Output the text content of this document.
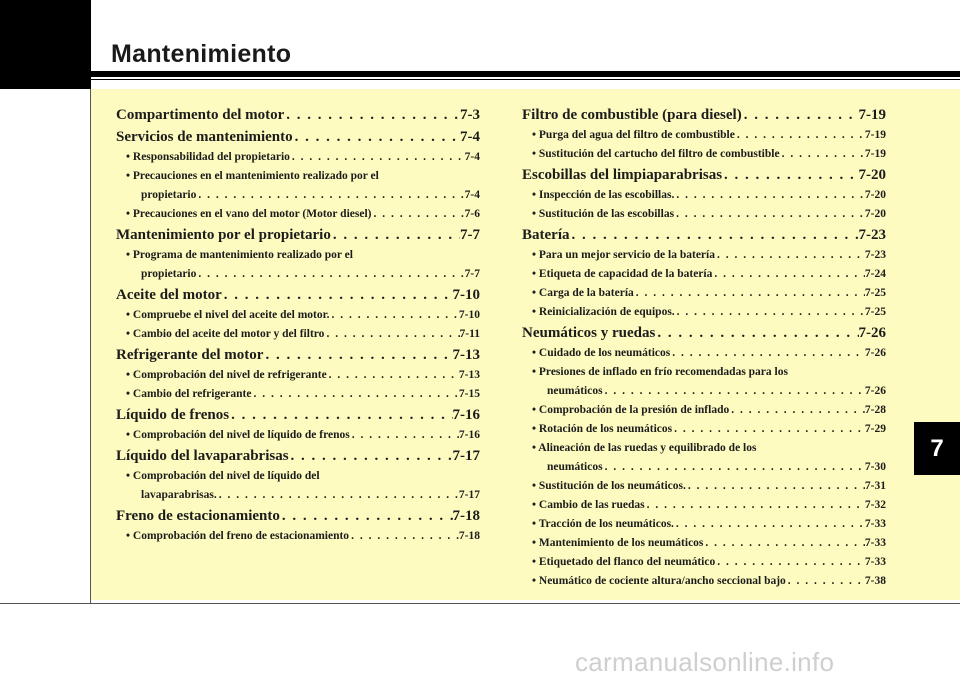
Mantenimiento
Compartimento del motor . . .	7-3
Servicios de mantenimiento . . .	7-4
• Responsabilidad del propietario . . .	7-4
• Precauciones en el mantenimiento realizado por el
propietario . . .	7-4
• Precauciones en el vano del motor (Motor diesel) . . .	7-6
Mantenimiento por el propietario . . .	7-7
• Programa de mantenimiento realizado por el
propietario . . .	7-7
Aceite del motor . . .	7-10
• Compruebe el nivel del aceite del motor. . . .	7-10
• Cambio del aceite del motor y del filtro . . .	7-11
Refrigerante del motor . . .	7-13
• Comprobación del nivel de refrigerante . . .	7-13
• Cambio del refrigerante . . .	7-15
Líquido de frenos . . .	7-16
• Comprobación del nivel de líquido de frenos . . .	7-16
Líquido del lavaparabrisas . . .	7-17
• Comprobación del nivel de líquido del
lavaparabrisas. . . .	7-17
Freno de estacionamiento . . .	7-18
• Comprobación del freno de estacionamiento . . .	7-18
Filtro de combustible (para diesel) . . .	7-19
• Purga del agua del filtro de combustible . . .	7-19
• Sustitución del cartucho del filtro de combustible . . .	7-19
Escobillas del limpiaparabrisas . . .	7-20
• Inspección de las escobillas. . . .	7-20
• Sustitución de las escobillas . . .	7-20
Batería . . .	7-23
• Para un mejor servicio de la batería . . .	7-23
• Etiqueta de capacidad de la batería . . .	7-24
• Carga de la batería . . .	7-25
• Reinicialización de equipos. . . .	7-25
Neumáticos y ruedas . . .	7-26
• Cuidado de los neumáticos . . .	7-26
• Presiones de inflado en frío recomendadas para los
neumáticos . . .	7-26
• Comprobación de la presión de inflado . . .	7-28
• Rotación de los neumáticos . . .	7-29
• Alineación de las ruedas y equilibrado de los
neumáticos . . .	7-30
• Sustitución de los neumáticos. . . .	7-31
• Cambio de las ruedas . . .	7-32
• Tracción de los neumáticos. . . .	7-33
• Mantenimiento de los neumáticos . . .	7-33
• Etiquetado del flanco del neumático . . .	7-33
• Neumático de cociente altura/ancho seccional bajo . . .	7-38
7
carmanualsonline.info
